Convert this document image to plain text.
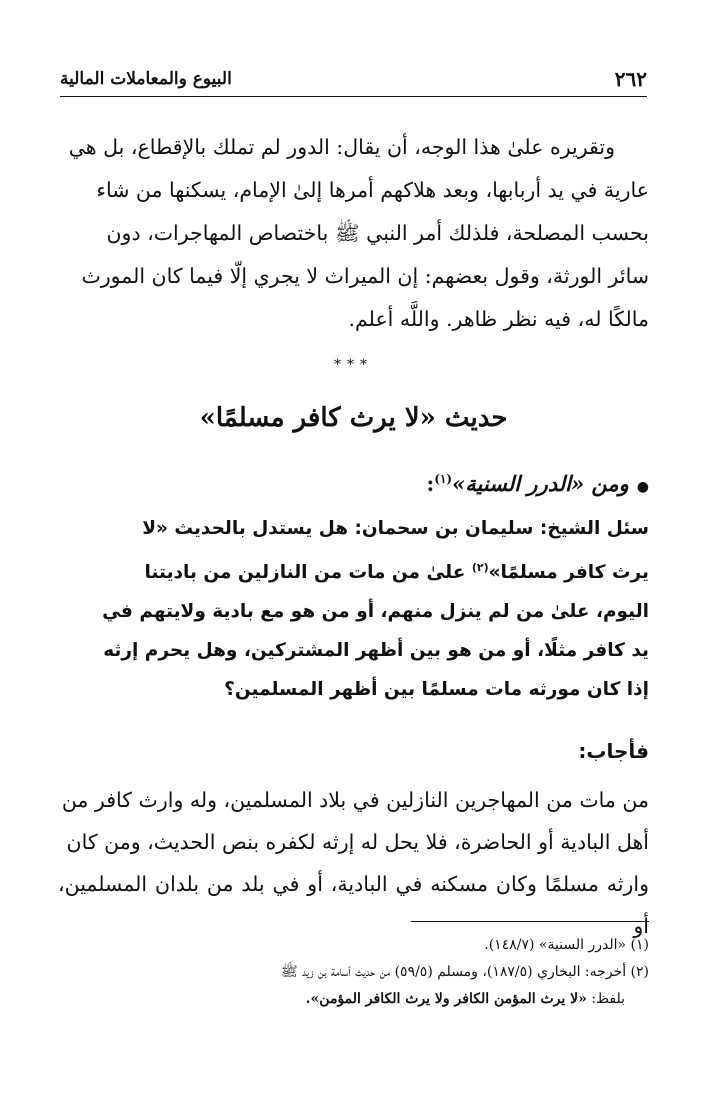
٢٦٢
البيوع والمعاملات المالية

وتقريره علىٰ هذا الوجه، أن يقال: الدور لم تملك بالإقطاع، بل هي

عارية في يد أربابها، وبعد هلاكهم أمرها إلىٰ الإمام، يسكنها من شاء

بحسب المصلحة، فلذلك أمر النبي ﷺ باختصاص المهاجرات، دون

سائر الورثة، وقول بعضهم: إن الميراث لا يجري إلّا فيما كان المورث

مالكًا له، فيه نظر ظاهر. واللَّه أعلم.

***
حديث «لا يرث كافر مسلمًا»
●ومن «الدرر السنية»$^{(١)}$:

سئل الشيخ: سليمان بن سحمان: هل يستدل بالحديث «لا

يرث كافر مسلمًا»$^{(٢)}$ علىٰ من مات من النازلين من باديتنا

اليوم، علىٰ من لم ينزل منهم، أو من هو مع بادية ولايتهم في

يد كافر مثلًا، أو من هو بين أظهر المشتركين، وهل يحرم إرثه

إذا كان مورثه مات مسلمًا بين أظهر المسلمين؟

فأجاب:

من مات من المهاجرين النازلين في بلاد المسلمين، وله وارث كافر من

أهل البادية أو الحاضرة، فلا يحل له إرثه لكفره بنص الحديث، ومن كان

وارثه مسلمًا وكان مسكنه في البادية، أو في بلد من بلدان المسلمين، أو

(١) «الدرر السنية» (١٤٨/٧).

(٢) أخرجه: البخاري (١٨٧/٥)، ومسلم (٥٩/٥) من حديث أسامة بن زيد ﷺ

بلفظ: «لا يرث المؤمن الكافر ولا يرث الكافر المؤمن».
